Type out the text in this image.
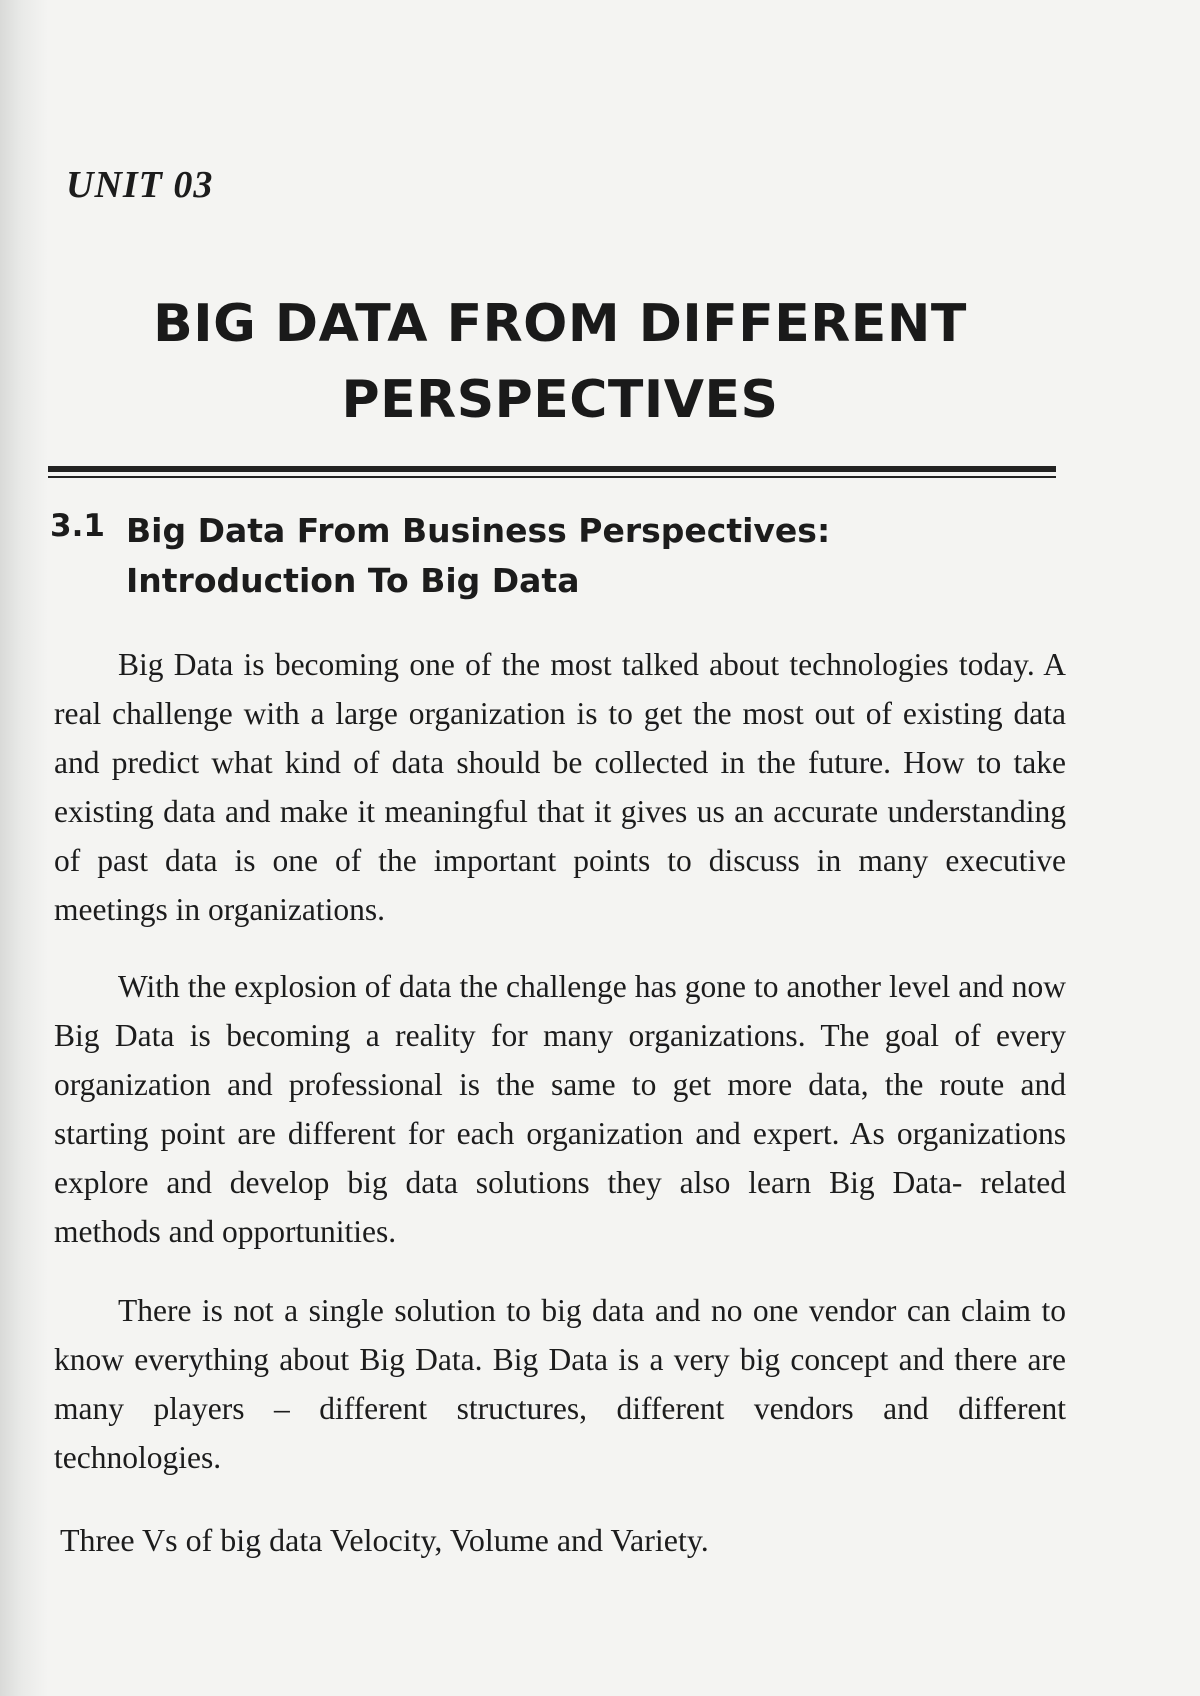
UNIT 03

BIG DATA FROM DIFFERENT
PERSPECTIVES

3.1 Big Data From Business Perspectives:
Introduction To Big Data

Big Data is becoming one of the most talked about technologies today. A real challenge with a large organization is to get the most out of existing data and predict what kind of data should be collected in the future. How to take existing data and make it meaningful that it gives us an accurate understanding of past data is one of the important points to discuss in many executive meetings in organizations.

With the explosion of data the challenge has gone to another level and now Big Data is becoming a reality for many organizations. The goal of every organization and professional is the same to get more data, the route and starting point are different for each organization and expert. As organizations explore and develop big data solutions they also learn Big Data- related methods and opportunities.

There is not a single solution to big data and no one vendor can claim to know everything about Big Data. Big Data is a very big concept and there are many players – different structures, different vendors and different technologies.

Three Vs of big data Velocity, Volume and Variety.
